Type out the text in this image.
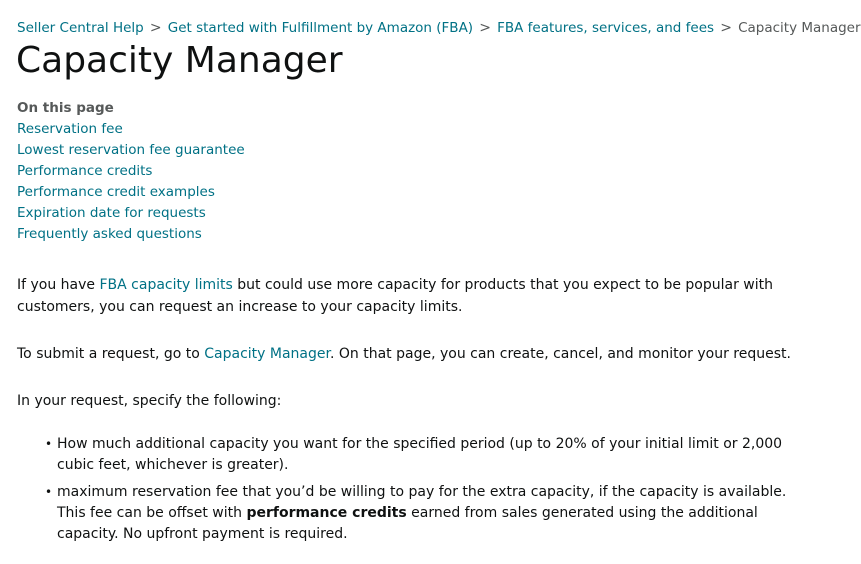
Seller Central Help > Get started with Fulfillment by Amazon (FBA) > FBA features, services, and fees > Capacity Manager
Capacity Manager
On this page
Reservation fee
Lowest reservation fee guarantee
Performance credits
Performance credit examples
Expiration date for requests
Frequently asked questions

If you have FBA capacity limits but could use more capacity for products that you expect to be popular with customers, you can request an increase to your capacity limits.

To submit a request, go to Capacity Manager. On that page, you can create, cancel, and monitor your request.

In your request, specify the following:

• How much additional capacity you want for the specified period (up to 20% of your initial limit or 2,000 cubic feet, whichever is greater).
• maximum reservation fee that you’d be willing to pay for the extra capacity, if the capacity is available. This fee can be offset with performance credits earned from sales generated using the additional capacity. No upfront payment is required.
